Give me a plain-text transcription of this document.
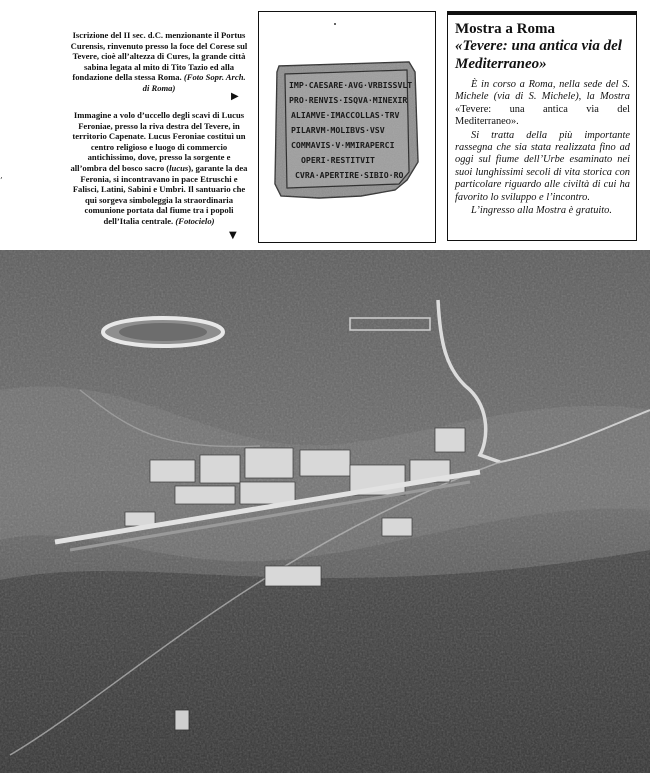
Iscrizione del II sec. d.C. menzionante il Portus Curensis, rinvenuto presso la foce del Corese sul Tevere, cioè all’altezza di Cures, la grande città sabina legata al mito di Tito Tazio ed alla fondazione della stessa Roma. (Foto Sopr. Arch. di Roma)
▶
Immagine a volo d’uccello degli scavi di Lucus Feroniae, presso la riva destra del Tevere, in territorio Capenate. Lucus Feroniae costituì un centro religioso e luogo di commercio antichissimo, dove, presso la sorgente e all’ombra del bosco sacro (lucus), garante la dea Feronia, si incontravano in pace Etruschi e Falisci, Latini, Sabini e Umbri. Il santuario che qui sorgeva simboleggia la straordinaria comunione portata dal fiume tra i popoli dell’Italia centrale. (Fotocielo)
▼
’
IMP·CAESARE·AVG·VRBISSVLT
PRO·RENVIS·ISQVA·MINEXIR
ALIAMVE·IMACCOLLAS·TRV
PILARVM·MOLIBVS·VSV
COMMAVIS·V·MMIRAPERCI
OPERI·RESTITVIT
CVRA·APERTIRE·SIBIO·RO
Mostra a Roma
«Tevere: una antica via del Mediterraneo»

È in corso a Roma, nella sede del S. Michele (via di S. Michele), la Mostra «Tevere: una antica via del Mediterraneo».

Si tratta della più importante rassegna che sia stata realizzata fino ad oggi sul fiume dell’Urbe esaminato nei suoi lunghissimi secoli di vita storica con particolare riguardo alle civiltà di cui ha favorito lo sviluppo e l’incontro.

L’ingresso alla Mostra è gratuito.
